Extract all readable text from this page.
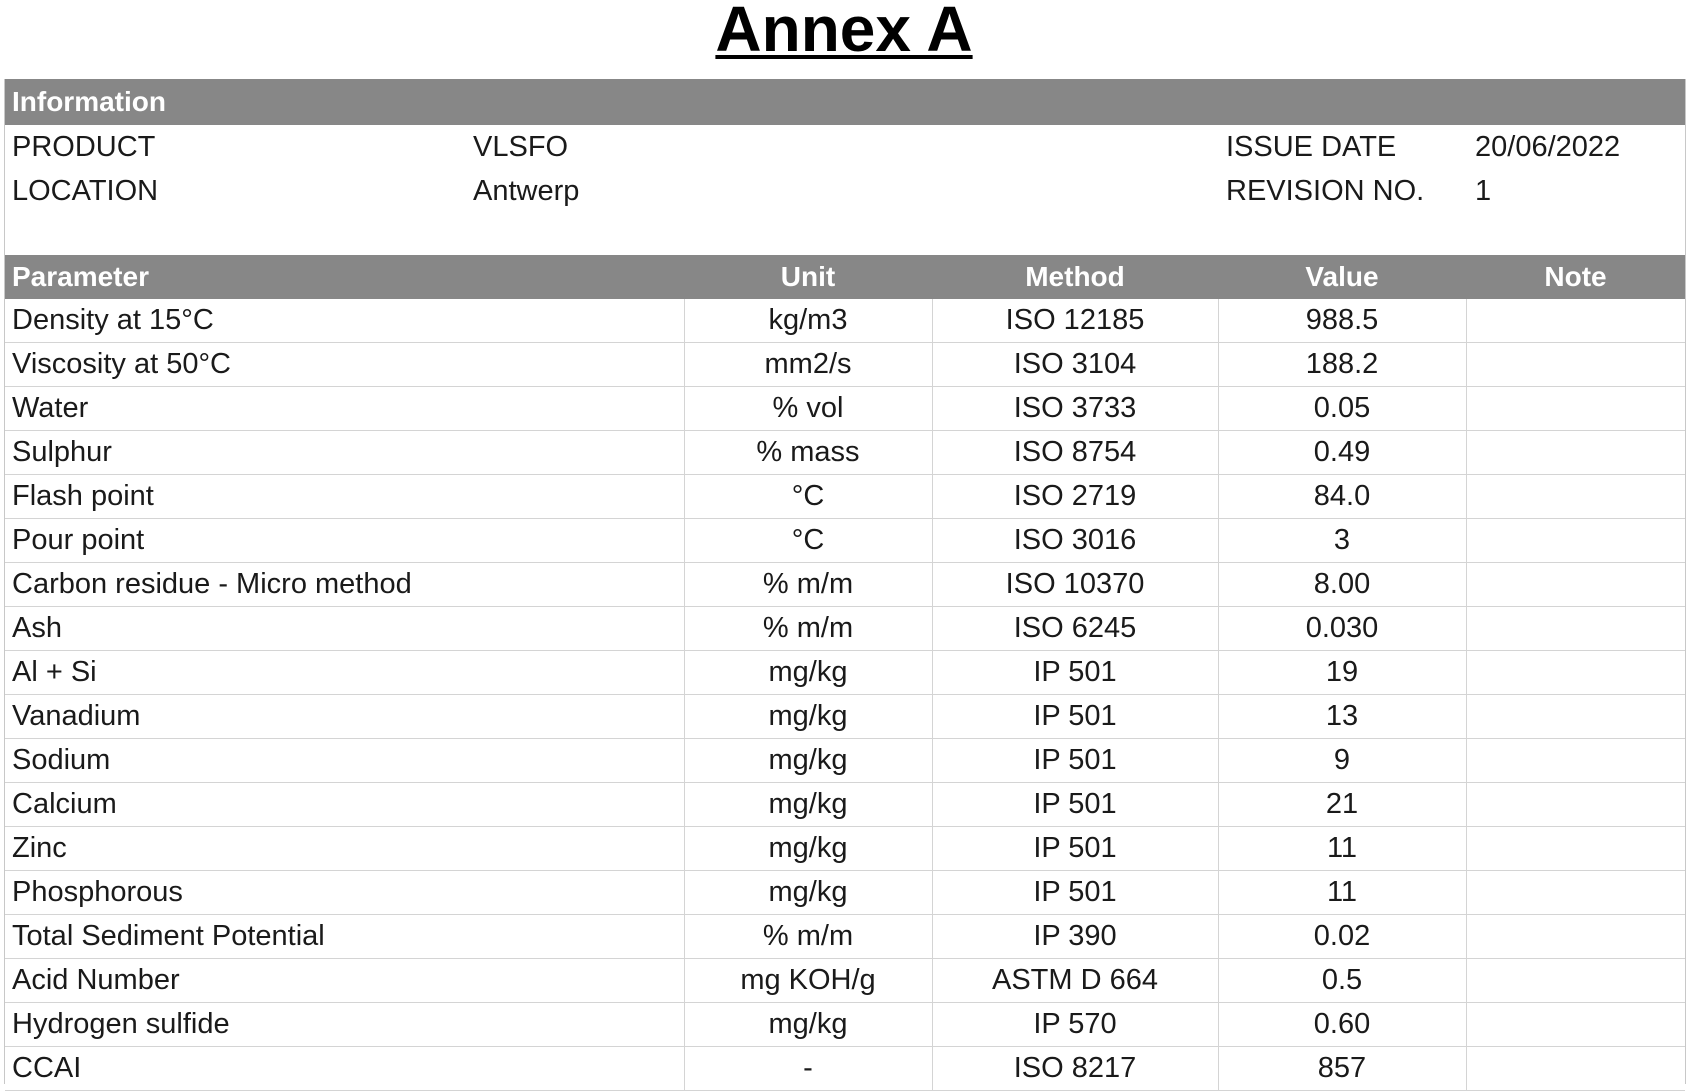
Annex A
Information
PRODUCT	VLSFO	ISSUE DATE	20/06/2022
LOCATION	Antwerp	REVISION NO. 1
Parameter	Unit	Method	Value	Note
Density at 15°C	kg/m3	ISO 12185	988.5	
Viscosity at 50°C	mm2/s	ISO 3104	188.2	
Water	% vol	ISO 3733	0.05	
Sulphur	% mass	ISO 8754	0.49	
Flash point	°C	ISO 2719	84.0	
Pour point	°C	ISO 3016	3	
Carbon residue - Micro method	% m/m	ISO 10370	8.00	
Ash	% m/m	ISO 6245	0.030	
Al + Si	mg/kg	IP 501	19	
Vanadium	mg/kg	IP 501	13	
Sodium	mg/kg	IP 501	9	
Calcium	mg/kg	IP 501	21	
Zinc	mg/kg	IP 501	11	
Phosphorous	mg/kg	IP 501	11	
Total Sediment Potential	% m/m	IP 390	0.02	
Acid Number	mg KOH/g	ASTM D 664	0.5	
Hydrogen sulfide	mg/kg	IP 570	0.60	
CCAI	-	ISO 8217	857	
